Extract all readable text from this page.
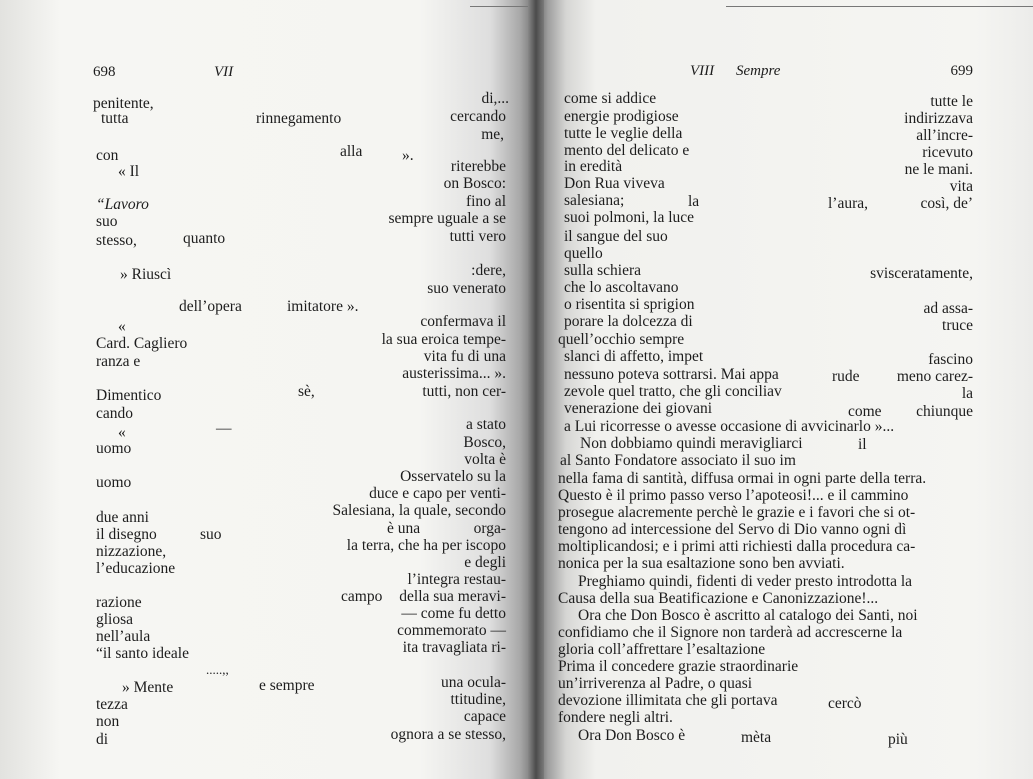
698	VII
penitente,	di,...
tutta	rinnegamento	cercando
me,
con	alla	».
riterebbe
« Il
on Bosco:
“Lavoro	fino al
suo	sempre uguale a se
stesso,	quanto	tutti vero
» Riuscì	:dere,
suo venerato
dell’opera	imitatore ».
«	confermava il
Card. Cagliero	la sua eroica tempe-
ranza e	vita fu di una
austerissima... ».
Dimentico	sè,	tutti, non cer-
cando
«	—	a stato
uomo	Bosco,
volta è
uomo	Osservatelo su la
duce e capo per venti-
due anni	Salesiana, la quale, secondo
il disegno	suo	è una	orga-
nizzazione,	la terra, che ha per iscopo
l’educazione	e degli
l’integra restau-
razione	campo della sua meravi-
gliosa	— come fu detto
nell’aula	commemorato —
“il santo ideale	ita travagliata ri-
.....,,
» Mente	e sempre	una ocula-
tezza	ttitudine,
non	capace
di	ognora a se stesso,
VIII Sempre	699
come si addice	tutte le
energie prodigiose	indirizzava
tutte le veglie della	all’incre-
mento del delicato e	ricevuto
in eredità	ne le mani.
Don Rua viveva	vita
salesiana;	la	l’aura,	così, de’
suoi polmoni, la luce
il sangue del suo
quello
sulla schiera	svisceratamente,
che lo ascoltavano
o risentita si sprigion	ad assa-
porare la dolcezza di	truce
quell’occhio sempre
slanci di affetto, impet	fascino
nessuno poteva sottrarsi. Mai appa	rude meno carez-
zevole quel tratto, che gli conciliav	la
venerazione dei giovani	come chiunque
a Lui ricorresse o avesse occasione di avvicinarlo »...
Non dobbiamo quindi meravigliarci	il
al Santo Fondatore associato il suo im
nella fama di santità, diffusa ormai in ogni parte della terra.
Questo è il primo passo verso l’apoteosi!... e il cammino
prosegue alacremente perchè le grazie e i favori che si ot-
tengono ad intercessione del Servo di Dio vanno ogni dì
moltiplicandosi; e i primi atti richiesti dalla procedura ca-
nonica per la sua esaltazione sono ben avviati.
Preghiamo quindi, fidenti di veder presto introdotta la
Causa della sua Beatificazione e Canonizzazione!...
Ora che Don Bosco è ascritto al catalogo dei Santi, noi
confidiamo che il Signore non tarderà ad accrescerne la
gloria coll’affrettare l’esaltazione
Prima il concedere grazie straordinarie
un’irriverenza al Padre, o quasi
devozione illimitata che gli portava	cercò
fondere negli altri.
Ora Don Bosco è	mèta	più
